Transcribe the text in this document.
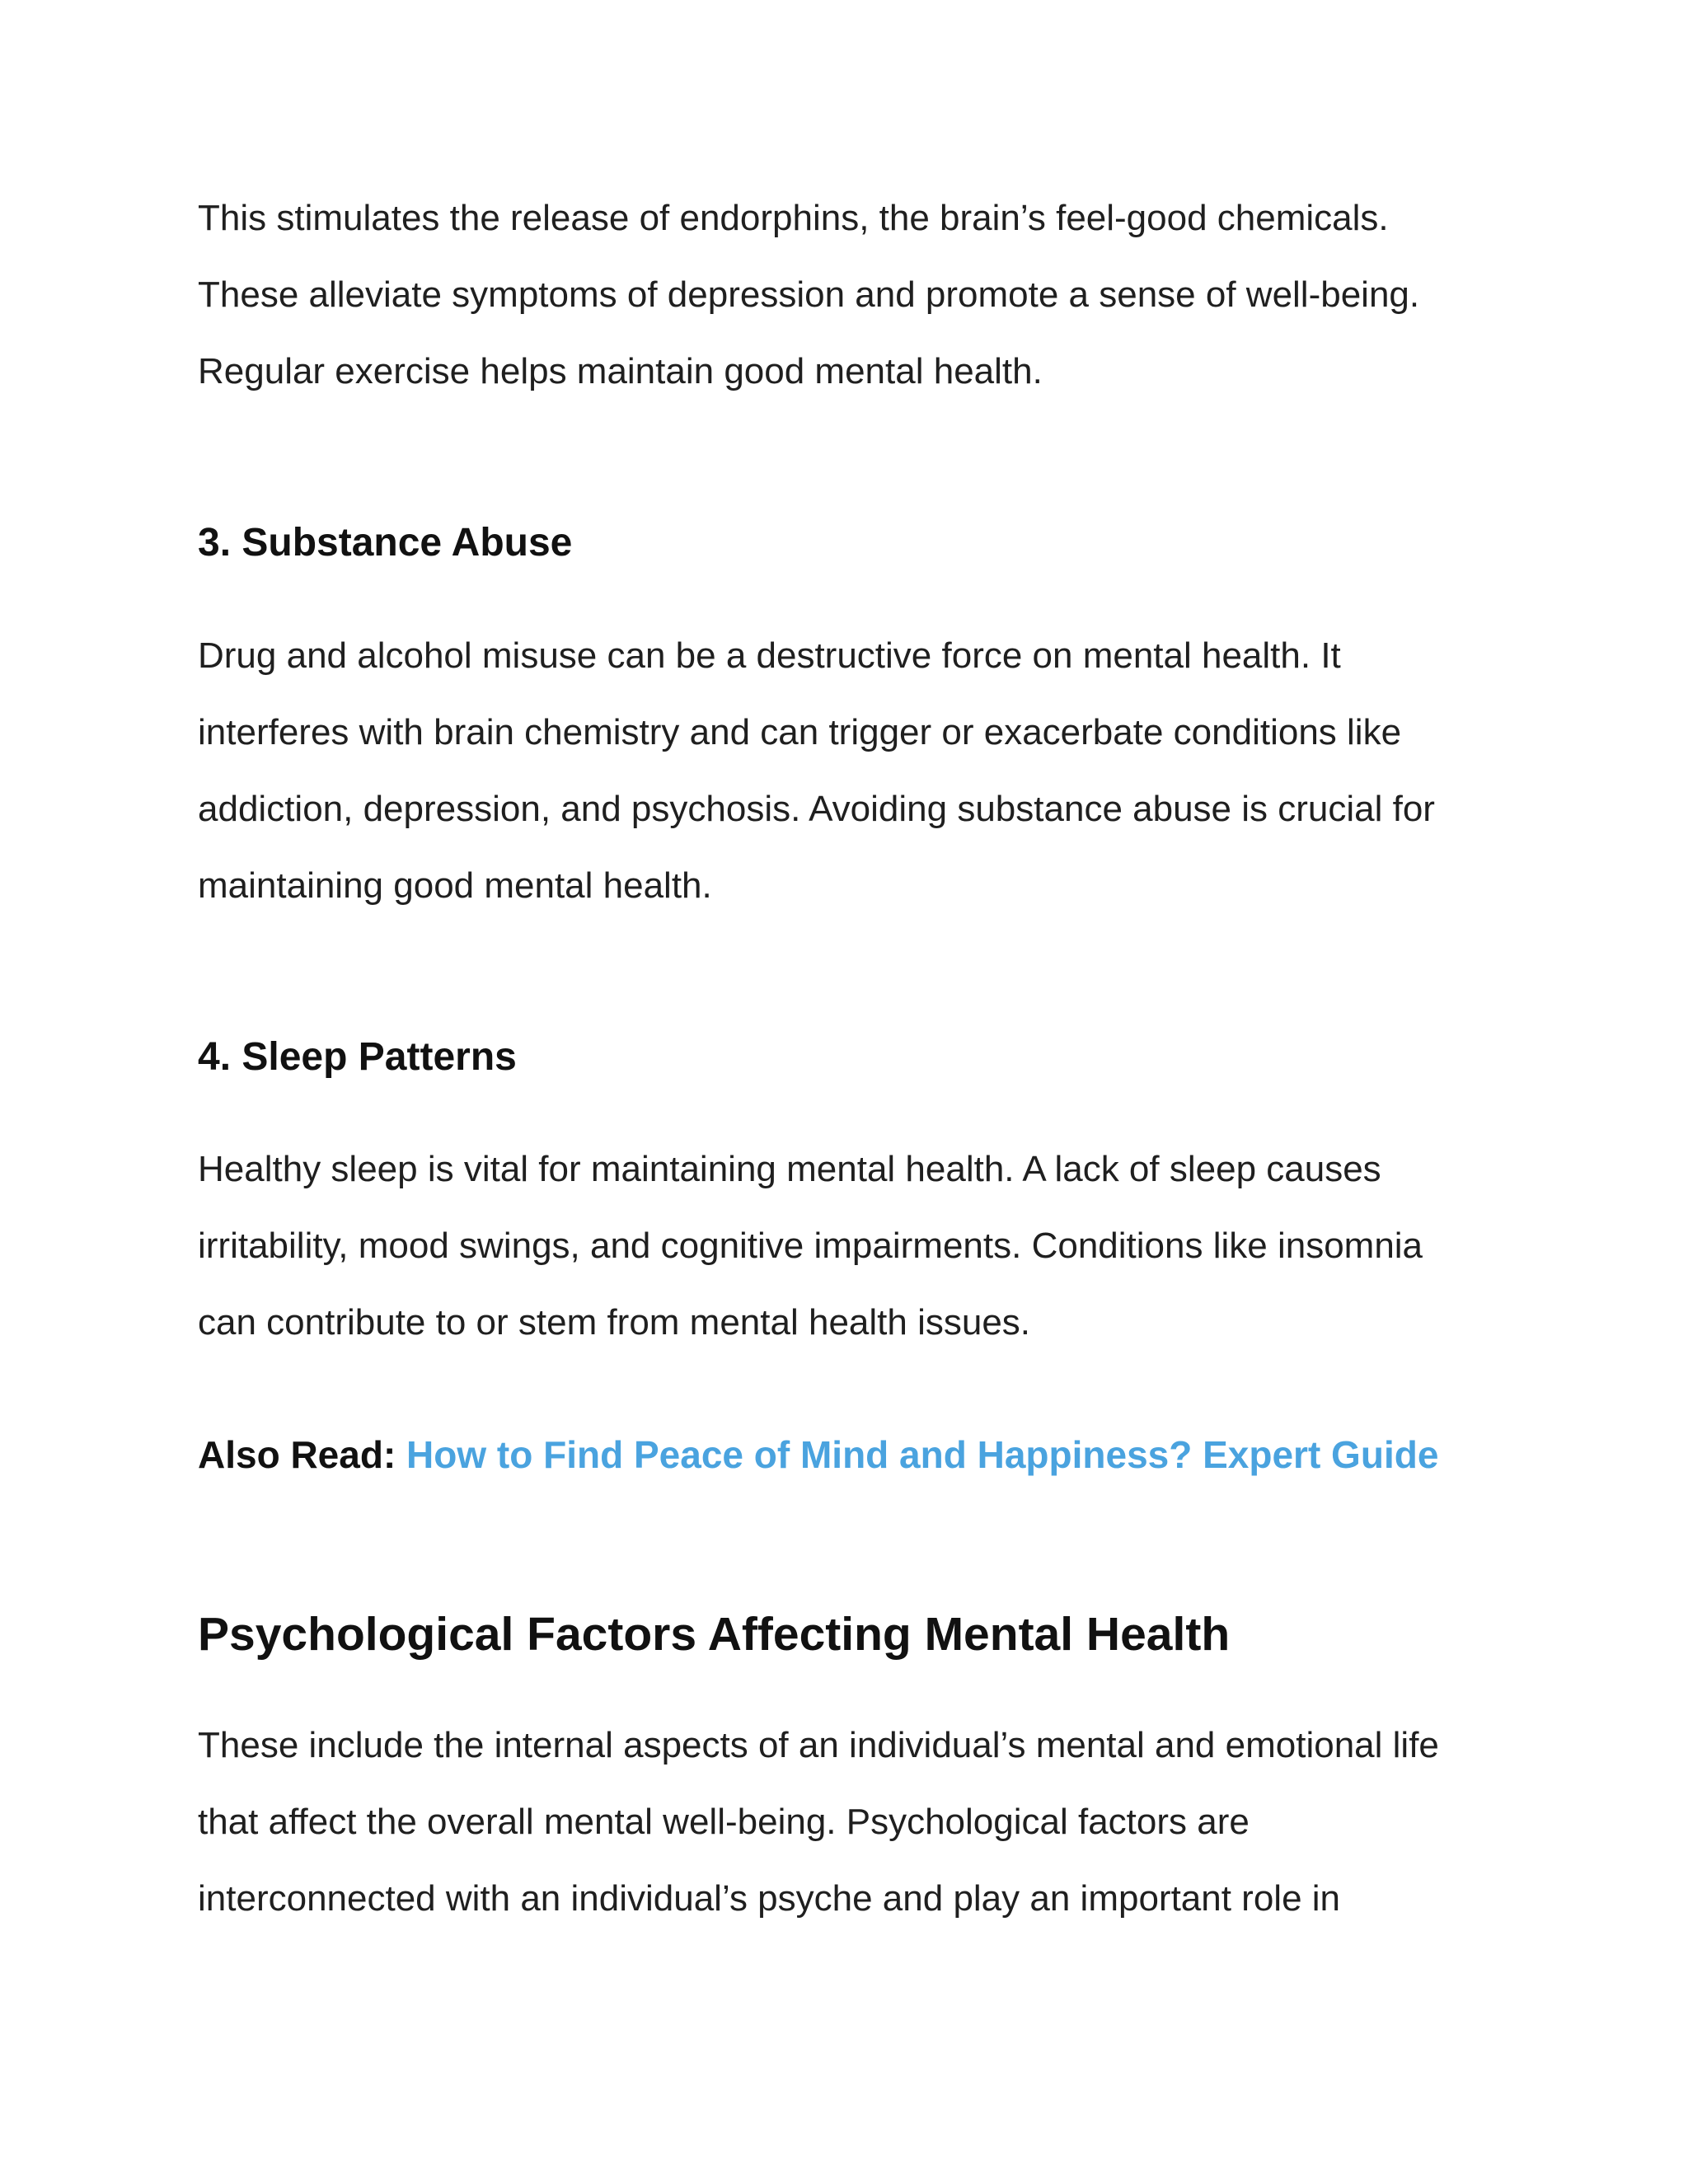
This stimulates the release of endorphins, the brain’s feel-good chemicals.

These alleviate symptoms of depression and promote a sense of well-being.

Regular exercise helps maintain good mental health.

3. Substance Abuse

Drug and alcohol misuse can be a destructive force on mental health. It

interferes with brain chemistry and can trigger or exacerbate conditions like

addiction, depression, and psychosis. Avoiding substance abuse is crucial for

maintaining good mental health.

4. Sleep Patterns

Healthy sleep is vital for maintaining mental health. A lack of sleep causes

irritability, mood swings, and cognitive impairments. Conditions like insomnia

can contribute to or stem from mental health issues.

Also Read: How to Find Peace of Mind and Happiness? Expert Guide

Psychological Factors Affecting Mental Health

These include the internal aspects of an individual’s mental and emotional life

that affect the overall mental well-being. Psychological factors are

interconnected with an individual’s psyche and play an important role in
